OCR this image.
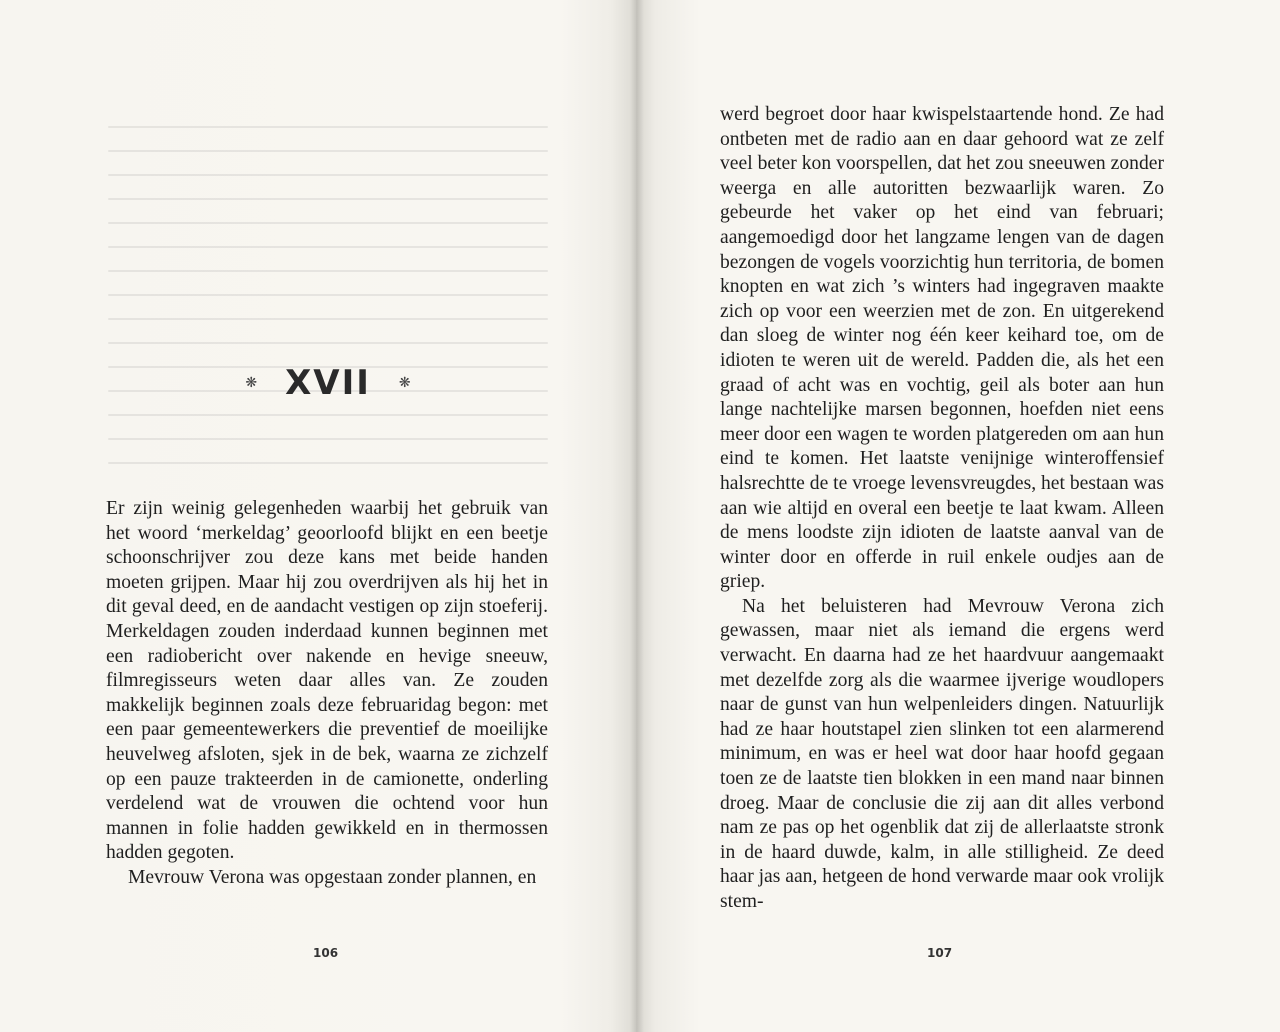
❋ XVII ❋

Er zijn weinig gelegenheden waarbij het gebruik van het woord ‘merkeldag’ geoorloofd blijkt en een beetje schoonschrijver zou deze kans met beide handen moeten grijpen. Maar hij zou overdrijven als hij het in dit geval deed, en de aandacht vestigen op zijn stoeferij. Merkeldagen zouden inderdaad kunnen beginnen met een radiobericht over nakende en hevige sneeuw, filmregisseurs weten daar alles van. Ze zouden makkelijk beginnen zoals deze februaridag begon: met een paar gemeentewerkers die preventief de moeilijke heuvelweg afsloten, sjek in de bek, waarna ze zichzelf op een pauze trakteerden in de camionette, onderling verdelend wat de vrouwen die ochtend voor hun mannen in folie hadden gewikkeld en in thermossen hadden gegoten.

Mevrouw Verona was opgestaan zonder plannen, en

106	107

werd begroet door haar kwispelstaartende hond. Ze had ontbeten met de radio aan en daar gehoord wat ze zelf veel beter kon voorspellen, dat het zou sneeuwen zonder weerga en alle autoritten bezwaarlijk waren. Zo gebeurde het vaker op het eind van februari; aangemoedigd door het langzame lengen van de dagen bezongen de vogels voorzichtig hun territoria, de bomen knopten en wat zich ’s winters had ingegraven maakte zich op voor een weerzien met de zon. En uitgerekend dan sloeg de winter nog één keer keihard toe, om de idioten te weren uit de wereld. Padden die, als het een graad of acht was en vochtig, geil als boter aan hun lange nachtelijke marsen begonnen, hoefden niet eens meer door een wagen te worden platgereden om aan hun eind te komen. Het laatste venijnige winteroffensief halsrechtte de te vroege levensvreugdes, het bestaan was aan wie altijd en overal een beetje te laat kwam. Alleen de mens loodste zijn idioten de laatste aanval van de winter door en offerde in ruil enkele oudjes aan de griep.

Na het beluisteren had Mevrouw Verona zich gewassen, maar niet als iemand die ergens werd verwacht. En daarna had ze het haardvuur aangemaakt met dezelfde zorg als die waarmee ijverige woudlopers naar de gunst van hun welpenleiders dingen. Natuurlijk had ze haar houtstapel zien slinken tot een alarmerend minimum, en was er heel wat door haar hoofd gegaan toen ze de laatste tien blokken in een mand naar binnen droeg. Maar de conclusie die zij aan dit alles verbond nam ze pas op het ogenblik dat zij de allerlaatste stronk in de haard duwde, kalm, in alle stilligheid. Ze deed haar jas aan, hetgeen de hond verwarde maar ook vrolijk stem-
